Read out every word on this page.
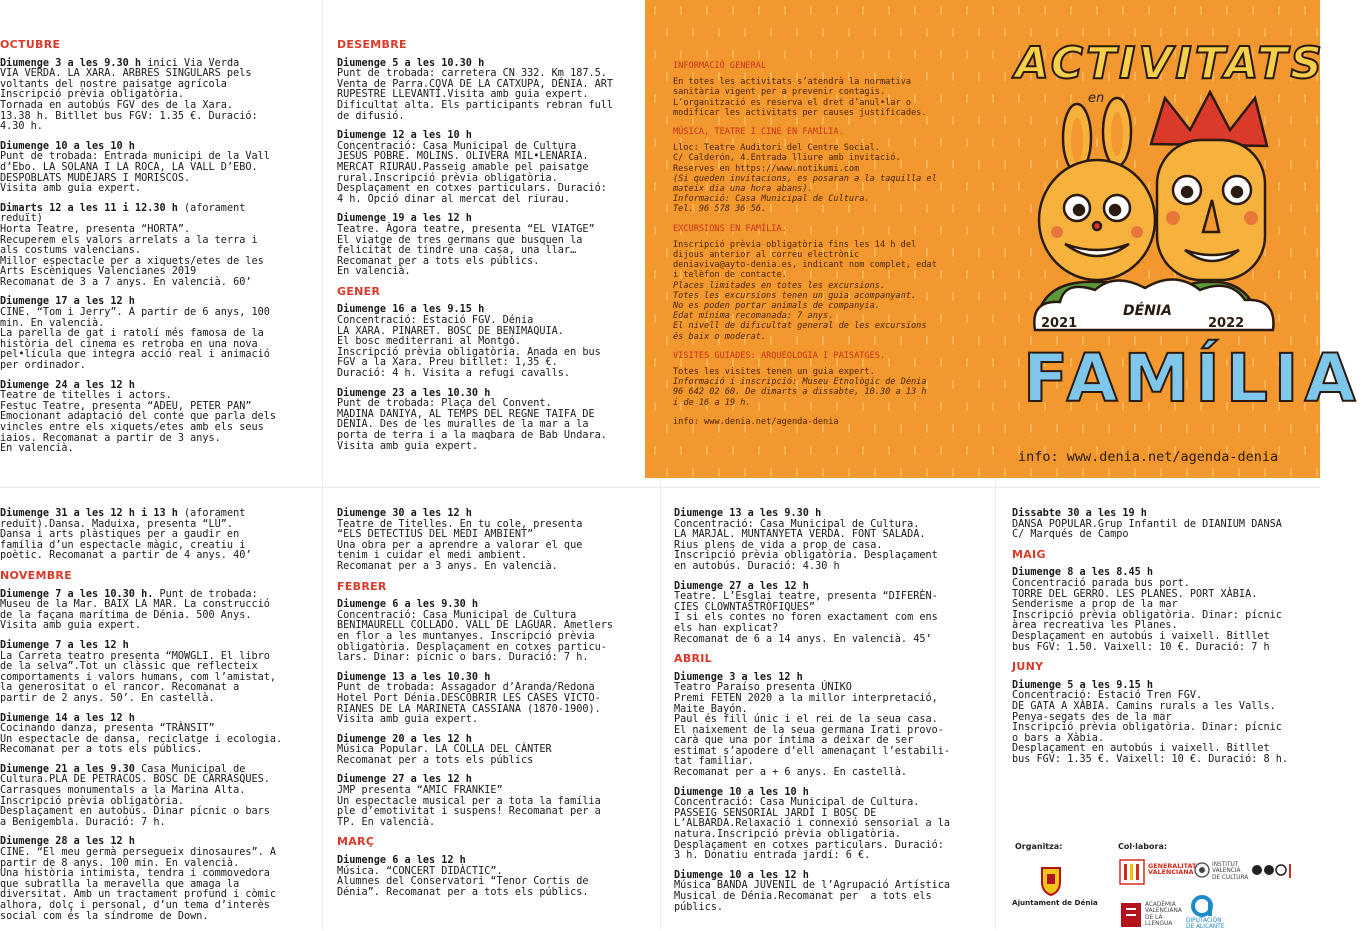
OCTUBRE
Diumenge 3 a les 9.30 h inici Via Verda
VIA VERDA. LA XARA. ARBRES SINGULARS pels
voltants del nostre paisatge agrícola
Inscripció prèvia obligatòria.
Tornada en autobús FGV des de la Xara.
13.38 h. Bitllet bus FGV: 1.35 €. Duració:
4.30 h.
Diumenge 10 a les 10 h
Punt de trobada: Entrada municipi de la Vall
d’Ebo. LA SOLANA I LA ROCA, LA VALL D’EBO.
DESPOBLATS MUDÈJARS I MORISCOS.
Visita amb guia expert.
Dimarts 12 a les 11 i 12.30 h (aforament
reduït)
Horta Teatre, presenta “HORTA”.
Recuperem els valors arrelats a la terra i
als costums valencians.
Millor espectacle per a xiquets/etes de les
Arts Escèniques Valencianes 2019
Recomanat de 3 a 7 anys. En valencià. 60’
Diumenge 17 a les 12 h
CINE. “Tom i Jerry”. A partir de 6 anys, 100
min. En valencià.
La parella de gat i ratolí més famosa de la
història del cinema es retroba en una nova
pel•lícula que integra acció real i animació
per ordinador.
Diumenge 24 a les 12 h
Teatre de titelles i actors.
Festuc Teatre, presenta “ADEU, PETER PAN”
Emocionant adaptació del conte que parla dels
vincles entre els xiquets/etes amb els seus
iaios. Recomanat a partir de 3 anys.
En valencià.
DESEMBRE
Diumenge 5 a les 10.30 h
Punt de trobada: carretera CN 332. Km 187.5.
Venta de Parra.COVA DE LA CATXUPA, DÉNIA. ART
RUPESTRE LLEVANTÍ.Visita amb guia expert.
Dificultat alta. Els participants rebran full
de difusió.
Diumenge 12 a les 10 h
Concentració: Casa Municipal de Cultura
JESÚS POBRE. MOLINS. OLIVERA MIL•LENÀRIA.
MERCAT RIURAU.Passeig amable pel paisatge
rural.Inscripció prèvia obligatòria.
Desplaçament en cotxes particulars. Duració:
4 h. Opció dinar al mercat del riurau.
Diumenge 19 a les 12 h
Teatre. Àgora teatre, presenta “EL VIATGE”
El viatge de tres germans que busquen la
felicitat de tindre una casa, una llar…
Recomanat per a tots els públics.
En valencià.
GENER
Diumenge 16 a les 9.15 h
Concentració: Estació FGV. Dénia
LA XARA. PINARET. BOSC DE BENIMAQUIA.
El bosc mediterrani al Montgó.
Inscripció prèvia obligatòria. Anada en bus
FGV a la Xara. Preu bitllet: 1,35 €.
Duració: 4 h. Visita a refugi cavalls.
Diumenge 23 a les 10.30 h
Punt de trobada: Plaça del Convent.
MADINA DANIYA, AL TEMPS DEL REGNE TAIFA DE
DÉNIA. Des de les muralles de la mar a la
porta de terra i a la maqbara de Bab Undara.
Visita amb guia expert.
Diumenge 31 a les 12 h i 13 h (aforament
reduït).Dansa. Maduixa, presenta “LÚ”.
Dansa i arts plàstiques per a gaudir en
família d’un espectacle màgic, creatiu i
poètic. Recomanat a partir de 4 anys. 40’
NOVEMBRE
Diumenge 7 a les 10.30 h. Punt de trobada:
Museu de la Mar. BAIX LA MAR. La construcció
de la façana marítima de Dénia. 500 Anys.
Visita amb guia expert.
Diumenge 7 a les 12 h
La Carreta teatro presenta “MOWGLI. El libro
de la selva”.Tot un clàssic que reflecteix
comportaments i valors humans, com l’amistat,
la generositat o el rancor. Recomanat a
partir de 2 anys. 50’. En castellà.
Diumenge 14 a les 12 h
Cocinando danza, presenta “TRÀNSIT”
Un espectacle de dansa, reciclatge i ecologia.
Recomanat per a tots els públics.
Diumenge 21 a les 9.30 Casa Municipal de
Cultura.PLA DE PETRACOS. BOSC DE CARRASQUES.
Carrasques monumentals a la Marina Alta.
Inscripció prèvia obligatòria.
Desplaçament en autobús. Dinar pícnic o bars
a Benigembla. Duració: 7 h.
Diumenge 28 a les 12 h
CINE. “El meu germà persegueix dinosaures”. A
partir de 8 anys. 100 min. En valencià.
Una història intimista, tendra i commovedora
que subratlla la meravella que amaga la
diversitat. Amb un tractament profund i còmic
alhora, dolç i personal, d’un tema d’interès
social com és la síndrome de Down.
Diumenge 30 a les 12 h
Teatre de Titelles. En tu cole, presenta
“ELS DETECTIUS DEL MEDI AMBIENT”
Una obra per a aprendre a valorar el que
tenim i cuidar el medi ambient.
Recomanat per a 3 anys. En valencià.
FEBRER
Diumenge 6 a les 9.30 h
Concentració: Casa Municipal de Cultura
BENIMAURELL COLLADO. VALL DE LAGUAR. Ametlers
en flor a les muntanyes. Inscripció prèvia
obligatòria. Desplaçament en cotxes particu-
lars. Dinar: pícnic o bars. Duració: 7 h.
Diumenge 13 a les 10.30 h
Punt de trobada: Assagador d’Aranda/Redona
Hotel Port Dénia.DESCOBRIR LES CASES VICTO-
RIANES DE LA MARINETA CASSIANA (1870-1900).
Visita amb guia expert.
Diumenge 20 a les 12 h
Música Popular. LA COLLA DEL CÀNTER
Recomanat per a tots els públics
Diumenge 27 a les 12 h
JMP presenta “AMIC FRANKIE”
Un espectacle musical per a tota la família
ple d’emotivitat i suspens! Recomanat per a
TP. En valencià.
MARÇ
Diumenge 6 a les 12 h
Música. “CONCERT DIDÀCTIC”.
Alumnes del Conservatori “Tenor Cortis de
Dénia”. Recomanat per a tots els públics.
Diumenge 13 a les 9.30 h
Concentració: Casa Municipal de Cultura.
LA MARJAL. MUNTANYETA VERDA. FONT SALADA.
Rius plens de vida a prop de casa.
Inscripció prèvia obligatòria. Desplaçament
en autobús. Duració: 4.30 h
Diumenge 27 a les 12 h
Teatre. L’Esglai teatre, presenta “DIFERÈN-
CIES CLOWNTASTRÒFIQUES”
I si els contes no foren exactament com ens
els han explicat?
Recomanat de 6 a 14 anys. En valencià. 45’
ABRIL
Diumenge 3 a les 12 h
Teatro Paraíso presenta ÚNIKO
Premi FETEN 2020 a la millor interpretació,
Maite Bayón.
Paul és fill únic i el rei de la seua casa.
El naixement de la seua germana Irati provo-
carà que una por íntima a deixar de ser
estimat s’apodere d’ell amenaçant l’estabili-
tat familiar.
Recomanat per a + 6 anys. En castellà.
Diumenge 10 a les 10 h
Concentració: Casa Municipal de Cultura.
PASSEIG SENSORIAL JARDÍ I BOSC DE
L’ALBARDA.Relaxació i connexió sensorial a la
natura.Inscripció prèvia obligatòria.
Desplaçament en cotxes particulars. Duració:
3 h. Donatiu entrada jardí: 6 €.
Diumenge 10 a les 12 h
Música BANDA JUVENIL de l’Agrupació Artística
Musical de Dénia.Recomanat per  a tots els
públics.
Dissabte 30 a les 19 h
DANSA POPULAR.Grup Infantil de DIANIUM DANSA
C/ Marqués de Campo
MAIG
Diumenge 8 a les 8.45 h
Concentració parada bus port.
TORRE DEL GERRO. LES PLANES. PORT XÀBIA.
Senderisme a prop de la mar
Inscripció prèvia obligatòria. Dinar: pícnic
àrea recreativa les Planes.
Desplaçament en autobús i vaixell. Bitllet
bus FGV: 1.50. Vaixell: 10 €. Duració: 7 h
JUNY
Diumenge 5 a les 9.15 h
Concentració: Estació Tren FGV.
DE GATA A XÀBIA. Camins rurals a les Valls.
Penya-segats des de la mar
Inscripció prèvia obligatòria. Dinar: pícnic
o bars a Xàbia.
Desplaçament en autobús i vaixell. Bitllet
bus FGV: 1.35 €. Vaixell: 10 €. Duració: 8 h.
INFORMACIÓ GENERAL
En totes les activitats s’atendrà la normativa
sanitària vigent per a prevenir contagis.
L’organització es reserva el dret d’anul•lar o
modificar les activitats per causes justificades.
MÚSICA, TEATRE I CINE EN FAMÍLIA.
Lloc: Teatre Auditori del Centre Social.
C/ Calderón, 4.Entrada lliure amb invitació.
Reserves en https://www.notikumi.com
(Si queden invitacions, es posaran a la taquilla el
mateix dia una hora abans).
Informació: Casa Municipal de Cultura.
Tel. 96 578 36 56.
EXCURSIONS EN FAMÍLIA.
Inscripció prèvia obligatòria fins les 14 h del
dijous anterior al correu electrònic
deniaviva@ayto-denia.es, indicant nom complet, edat
i telèfon de contacte.
Places limitades en totes les excursions.
Totes les excursions tenen un guia acompanyant.
No es poden portar animals de companyia.
Edat mínima recomanada: 7 anys.
El nivell de dificultat general de les excursions
és baix o moderat.
VISITES GUIADES: ARQUEOLOGIA I PAISATGES.
Totes les visites tenen un guia expert.
Informació i inscripció: Museu Etnològic de Dénia
96 642 02 60. De dimarts a dissabte, 10.30 a 13 h
i de 16 a 19 h.
info: www.denia.net/agenda-denia
ACTIVITATS
en
DÉNIA
2021	2022
FAMÍLIA
info: www.denia.net/agenda-denia
Organitza:	Col·labora:
Ajuntament de Dénia
GENERALITAT
VALENCIANA
INSTITUT
VALENCIÀ
DE CULTURA
ACADÈMIA
VALENCIANA
DE LA
LLENGUA
DIPUTACIÓN
DE ALICANTE
